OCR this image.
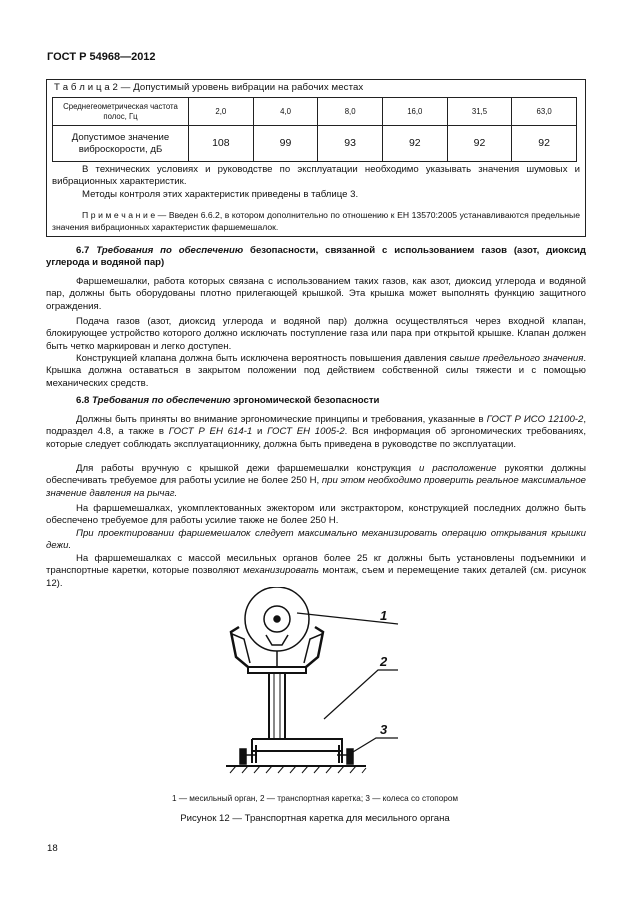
ГОСТ Р 54968—2012
Т а б л и ц а 2 — Допустимый уровень вибрации на рабочих местах
Среднегеометрическая частота полос, Гц	2,0	4,0	8,0	16,0	31,5	63,0
Допустимое значение виброскорости, дБ	108	99	93	92	92	92
В технических условиях и руководстве по эксплуатации необходимо указывать значения шумовых и вибрационных характеристик.
Методы контроля этих характеристик приведены в таблице 3.
П р и м е ч а н и е — Введен 6.6.2, в котором дополнительно по отношению к ЕН 13570:2005 устанавливаются предельные значения вибрационных характеристик фаршемешалок.
6.7 Требования по обеспечению безопасности, связанной с использованием газов (азот, диоксид углерода и водяной пар)
Фаршемешалки, работа которых связана с использованием таких газов, как азот, диоксид углерода и водяной пар, должны быть оборудованы плотно прилегающей крышкой. Эта крышка может выполнять функцию защитного ограждения.
Подача газов (азот, диоксид углерода и водяной пар) должна осуществляться через входной клапан, блокирующее устройство которого должно исключать поступление газа или пара при открытой крышке. Клапан должен быть четко маркирован и легко доступен.
Конструкцией клапана должна быть исключена вероятность повышения давления свыше предельного значения. Крышка должна оставаться в закрытом положении под действием собственной силы тяжести и с помощью механических средств.
6.8 Требования по обеспечению эргономической безопасности
Должны быть приняты во внимание эргономические принципы и требования, указанные в ГОСТ Р ИСО 12100-2, подраздел 4.8, а также в ГОСТ Р ЕН 614-1 и ГОСТ ЕН 1005-2. Вся информация об эргономических требованиях, которые следует соблюдать эксплуатационнику, должна быть приведена в руководстве по эксплуатации.
Для работы вручную с крышкой дежи фаршемешалки конструкция и расположение рукоятки должны обеспечивать требуемое для работы усилие не более 250 Н, при этом необходимо проверить реальное максимальное значение давления на рычаг.
На фаршемешалках, укомплектованных эжектором или экстрактором, конструкцией последних должно быть обеспечено требуемое для работы усилие также не более 250 Н.
При проектировании фаршемешалок следует максимально механизировать операцию открывания крышки дежи.
На фаршемешалках с массой месильных органов более 25 кг должны быть установлены подъемники и транспортные каретки, которые позволяют механизировать монтаж, съем и перемещение таких деталей (см. рисунок 12).
1
2
3
1 — месильный орган, 2 — транспортная каретка; 3 — колеса со стопором
Рисунок 12 — Транспортная каретка для месильного органа
18
